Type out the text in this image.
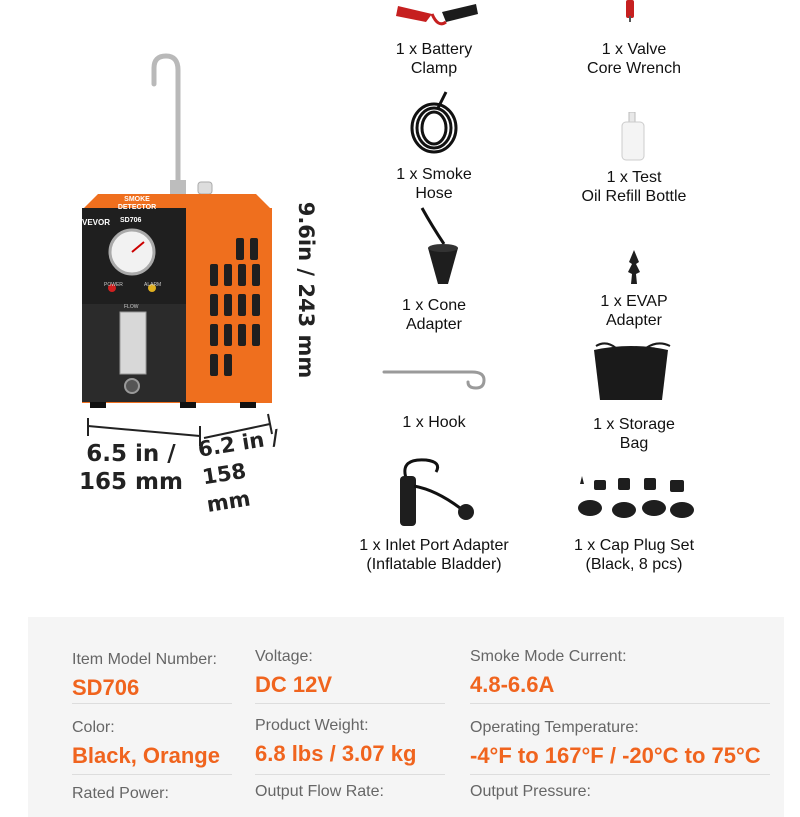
VEVOR
SMOKE DETECTOR
SD706
POWER	ALARM
FLOW	9.6in / 243 mm
6.5 in /
165 mm
6.2 in /
158 mm
1 x Battery
Clamp
1 x Valve
Core Wrench
1 x Smoke
Hose
1 x Test
Oil Refill Bottle
1 x Cone
Adapter
1 x EVAP
Adapter
1 x Hook	1 x Storage
Bag
1 x Inlet Port Adapter
(Inflatable Bladder)
1 x Cap Plug Set
(Black, 8 pcs)
Item Model Number:
SD706
Voltage:
DC 12V
Smoke Mode Current:
4.8-6.6A
Color:
Black, Orange
Product Weight:
6.8 lbs / 3.07 kg
Operating Temperature:
-4°F to 167°F / -20°C to 75°C
Rated Power:	Output Flow Rate:	Output Pressure:
